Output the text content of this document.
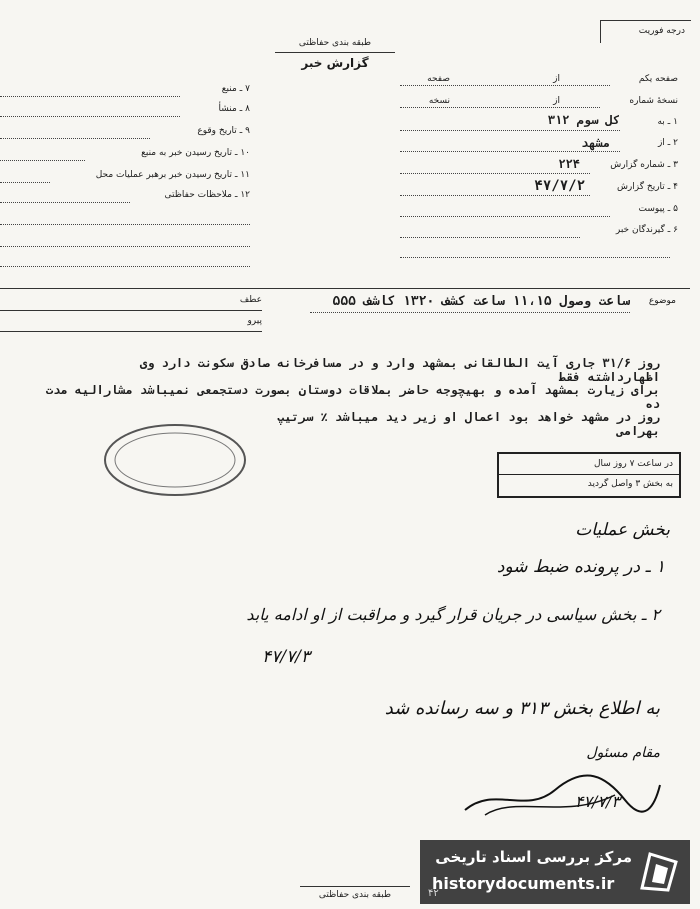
طبقه بندی حفاظتی
گزارش خبر
درجه فوریت
صفحه یکم
از
صفحه
نسخهٔ شماره
از
نسخه
۱ ـ به
کل سوم ۳۱۲
۲ ـ از
مشهد
۳ ـ شماره گزارش
۲۲۴
۴ ـ تاریخ گزارش
۴۷/۷/۲
۵ ـ پیوست
۶ ـ گیرندگان خبر
۷ ـ منبع
۸ ـ منشأ
۹ ـ تاریخ وقوع
۱۰ ـ تاریخ رسیدن خبر به منبع
۱۱ ـ تاریخ رسیدن خبر برهبر عملیات محل
۱۲ ـ ملاحظات حفاظتی
موضوع
ساعت وصول ۱۱،۱۵ ساعت کشف ۱۳۲۰ کاشف ۵۵۵
عطف
پیرو
روز ۳۱/۶ جاری آیت الطالقانی بمشهد وارد و در مسافرخانه صادق سکونت دارد وی اظهارداشته فقط
برای زیارت بمشهد آمده و بهیچوجه حاضر بملاقات دوستان بصورت دستجمعی نمیباشد مشارالیه مدت ده
روز در مشهد خواهد بود اعمال او زیر دید میباشد ٪ سرتیپ بهرامی
در ساعت ۷ روز سال
به بخش ۳ واصل گردید
بخش عملیات
۱ ـ در پرونده ضبط شود
۲ ـ بخش سیاسی در جریان قرار گیرد و مراقبت از او ادامه یابد
۴۷/۷/۳
به اطلاع بخش ۳۱۳ و سه رسانده شد
مقام مسئول
۴۷/۷/۳
طبقه بندی حفاظتی	۴۲
مرکز بررسی اسناد تاریخی
historydocuments.ir
